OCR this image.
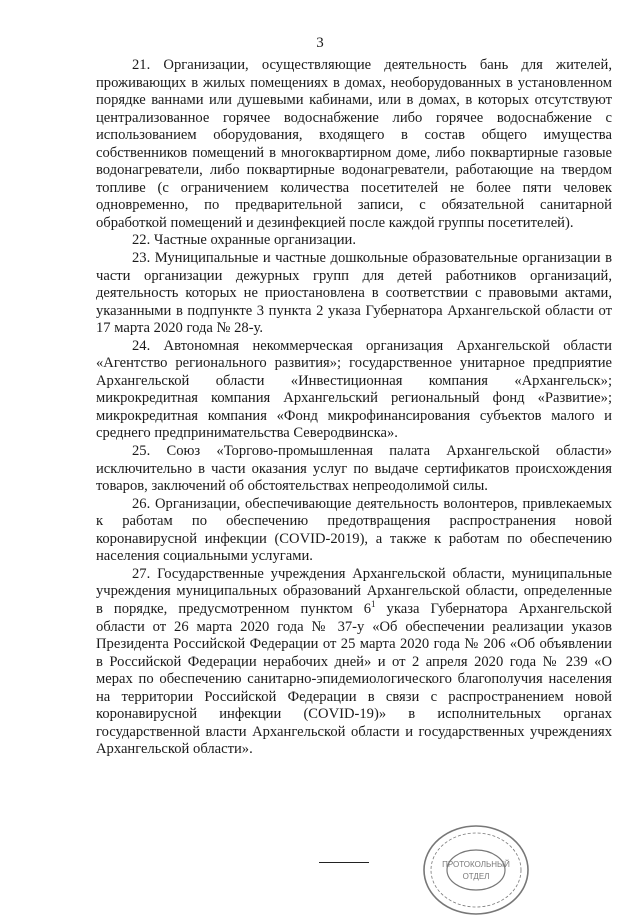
3

21. Организации, осуществляющие деятельность бань для жителей, проживающих в жилых помещениях в домах, необорудованных в установленном порядке ваннами или душевыми кабинами, или в домах, в которых отсутствуют централизованное горячее водоснабжение либо горячее водоснабжение с использованием оборудования, входящего в состав общего имущества собственников помещений в многоквартирном доме, либо поквартирные газовые водонагреватели, либо поквартирные водонагреватели, работающие на твердом топливе (с ограничением количества посетителей не более пяти человек одновременно, по предварительной записи, с обязательной санитарной обработкой помещений и дезинфекцией после каждой группы посетителей).

22. Частные охранные организации.

23. Муниципальные и частные дошкольные образовательные организации в части организации дежурных групп для детей работников организаций, деятельность которых не приостановлена в соответствии с правовыми актами, указанными в подпункте 3 пункта 2 указа Губернатора Архангельской области от 17 марта 2020 года № 28-у.

24. Автономная некоммерческая организация Архангельской области «Агентство регионального развития»; государственное унитарное предприятие Архангельской области «Инвестиционная компания «Архангельск»; микрокредитная компания Архангельский региональный фонд «Развитие»; микрокредитная компания «Фонд микрофинансирования субъектов малого и среднего предпринимательства Северодвинска».

25. Союз «Торгово-промышленная палата Архангельской области» исключительно в части оказания услуг по выдаче сертификатов происхождения товаров, заключений об обстоятельствах непреодолимой силы.

26. Организации, обеспечивающие деятельность волонтеров, привлекаемых к работам по обеспечению предотвращения распространения новой коронавирусной инфекции (COVID-2019), а также к работам по обеспечению населения социальными услугами.

27. Государственные учреждения Архангельской области, муниципальные учреждения муниципальных образований Архангельской области, определенные в порядке, предусмотренном пунктом $6^1$ указа Губернатора Архангельской области от 26 марта 2020 года № 37-у «Об обеспечении реализации указов Президента Российской Федерации от 25 марта 2020 года № 206 «Об объявлении в Российской Федерации нерабочих дней» и от 2 апреля 2020 года № 239 «О мерах по обеспечению санитарно-эпидемиологического благополучия населения на территории Российской Федерации в связи с распространением новой коронавирусной инфекции (COVID-19)» в исполнительных органах государственной власти Архангельской области и государственных учреждениях Архангельской области».

ПРОТОКОЛЬНЫЙ
ОТДЕЛ
